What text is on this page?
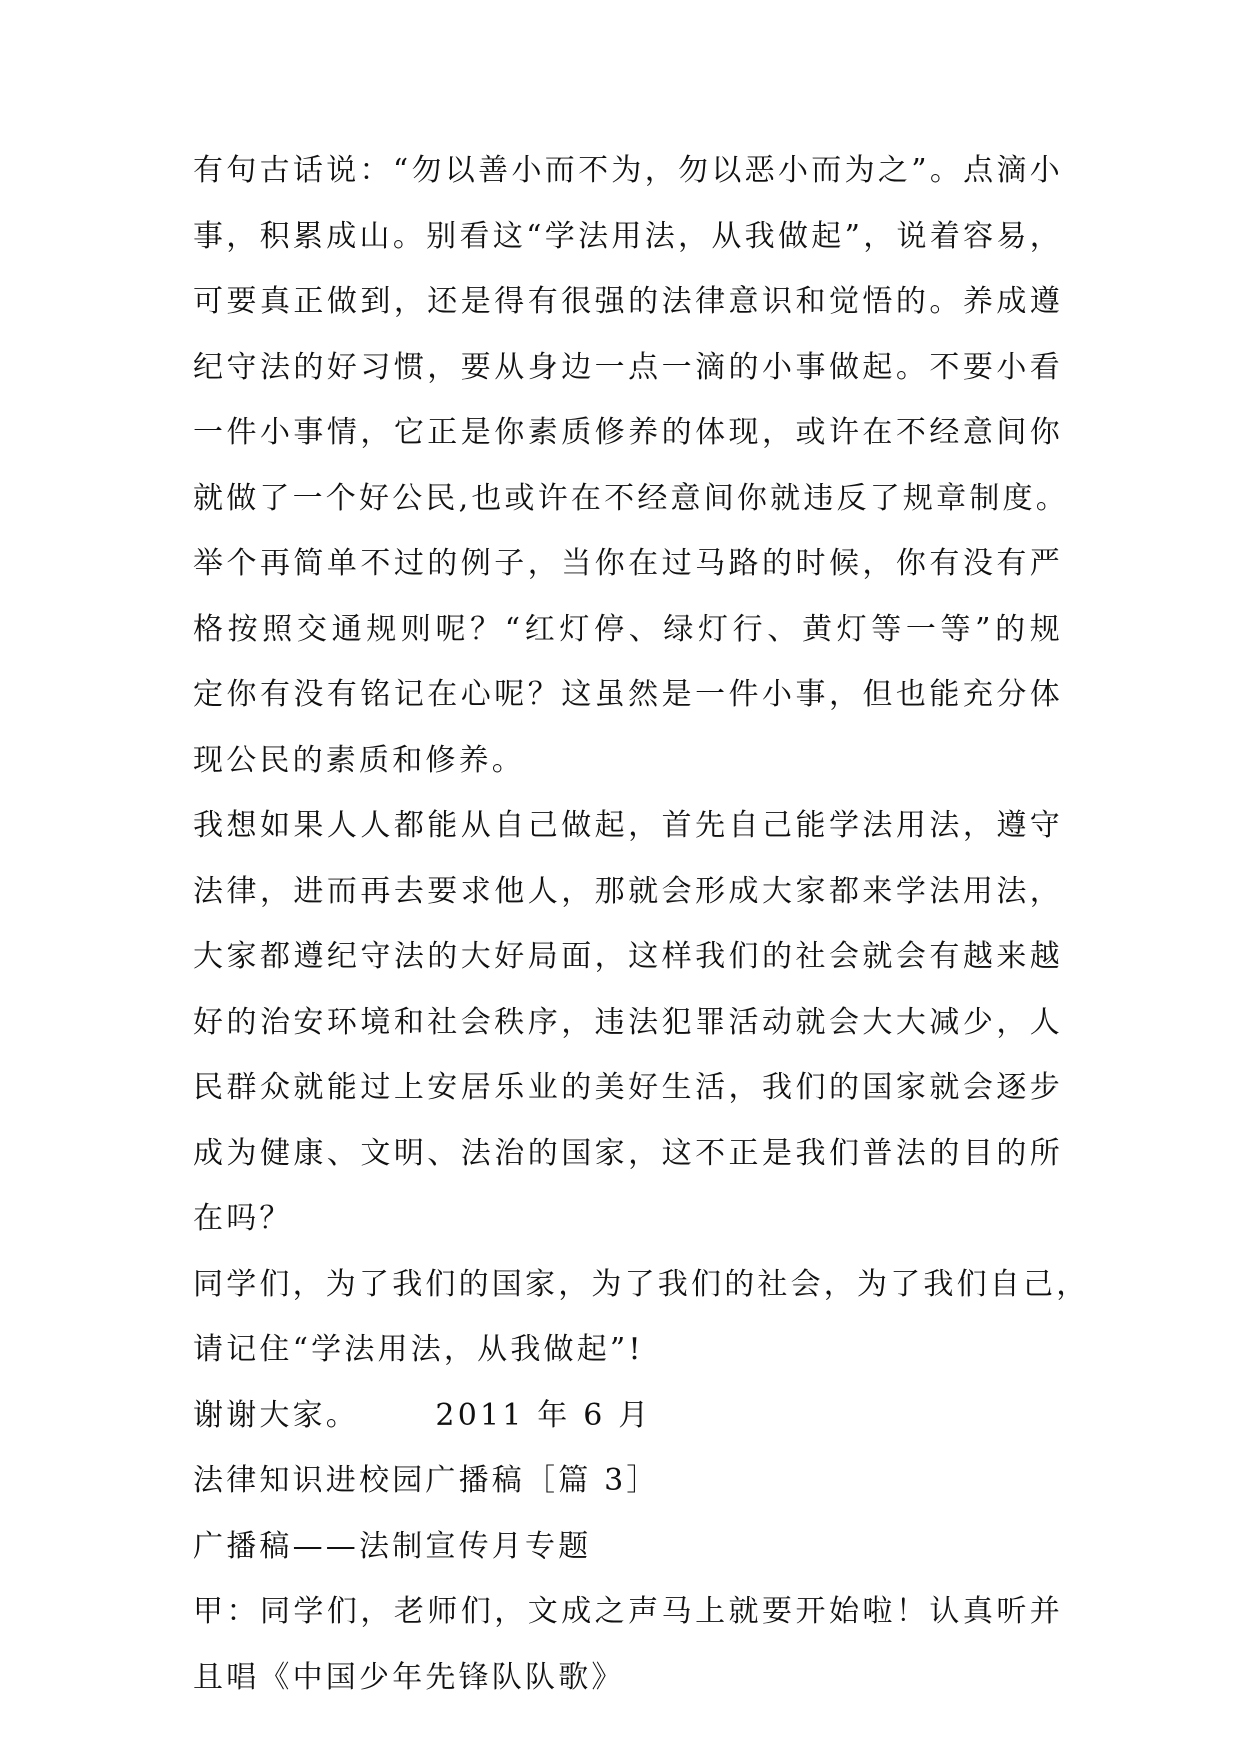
有句古话说：“勿以善小而不为，勿以恶小而为之”。点滴小
事，积累成山。别看这“学法用法，从我做起”，说着容易，
可要真正做到，还是得有很强的法律意识和觉悟的。养成遵
纪守法的好习惯，要从身边一点一滴的小事做起。不要小看
一件小事情，它正是你素质修养的体现，或许在不经意间你
就做了一个好公民,也或许在不经意间你就违反了规章制度。
举个再简单不过的例子，当你在过马路的时候，你有没有严
格按照交通规则呢？“红灯停、绿灯行、黄灯等一等”的规
定你有没有铭记在心呢？这虽然是一件小事，但也能充分体
现公民的素质和修养。
我想如果人人都能从自己做起，首先自己能学法用法，遵守
法律，进而再去要求他人，那就会形成大家都来学法用法，
大家都遵纪守法的大好局面，这样我们的社会就会有越来越
好的治安环境和社会秩序，违法犯罪活动就会大大减少，人
民群众就能过上安居乐业的美好生活，我们的国家就会逐步
成为健康、文明、法治的国家，这不正是我们普法的目的所
在吗？
同学们，为了我们的国家，为了我们的社会，为了我们自己，
请记住“学法用法，从我做起”!
谢谢大家。      2011 年 6 月
法律知识进校园广播稿［篇 3］
广播稿——法制宣传月专题
甲：同学们，老师们，文成之声马上就要开始啦！认真听并
且唱《中国少年先锋队队歌》
